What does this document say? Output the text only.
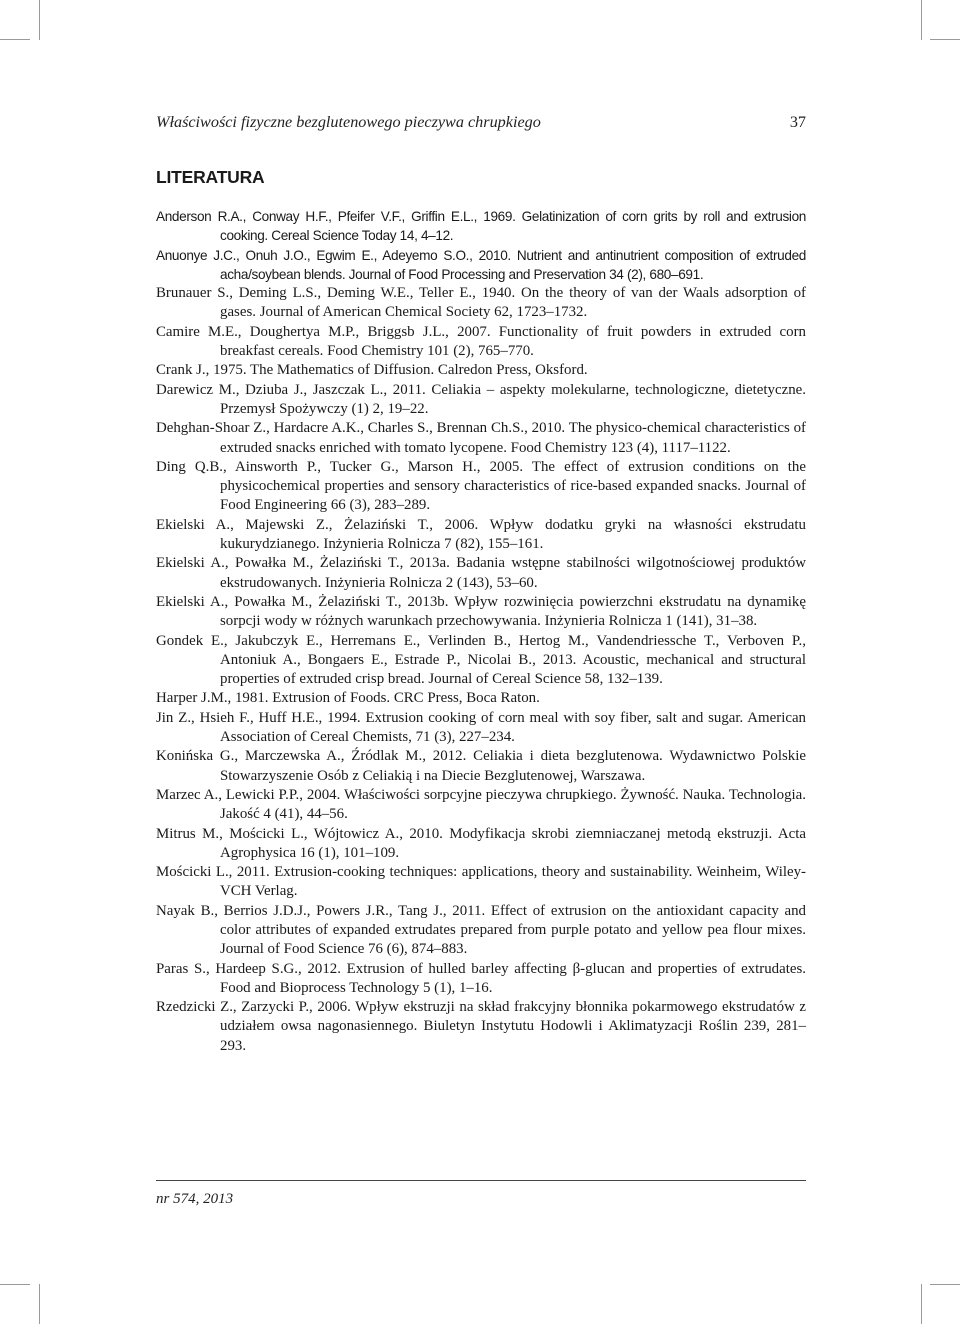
Właściwości fizyczne bezglutenowego pieczywa chrupkiego	37
LITERATURA
Anderson R.A., Conway H.F., Pfeifer V.F., Griffin E.L., 1969. Gelatinization of corn grits by roll and extrusion cooking. Cereal Science Today 14, 4–12.
Anuonye J.C., Onuh J.O., Egwim E., Adeyemo S.O., 2010. Nutrient and antinutrient composition of extruded acha/soybean blends. Journal of Food Processing and Preservation 34 (2), 680–691.
Brunauer S., Deming L.S., Deming W.E., Teller E., 1940. On the theory of van der Waals adsorption of gases. Journal of American Chemical Society 62, 1723–1732.
Camire M.E., Doughertya M.P., Briggsb J.L., 2007. Functionality of fruit powders in extruded corn breakfast cereals. Food Chemistry 101 (2), 765–770.
Crank J., 1975. The Mathematics of Diffusion. Calredon Press, Oksford.
Darewicz M., Dziuba J., Jaszczak L., 2011. Celiakia – aspekty molekularne, technologiczne, dietetyczne. Przemysł Spożywczy (1) 2, 19–22.
Dehghan-Shoar Z., Hardacre A.K., Charles S., Brennan Ch.S., 2010. The physico-chemical characteristics of extruded snacks enriched with tomato lycopene. Food Chemistry 123 (4), 1117–1122.
Ding Q.B., Ainsworth P., Tucker G., Marson H., 2005. The effect of extrusion conditions on the physicochemical properties and sensory characteristics of rice-based expanded snacks. Journal of Food Engineering 66 (3), 283–289.
Ekielski A., Majewski Z., Żelaziński T., 2006. Wpływ dodatku gryki na własności ekstrudatu kukurydzianego. Inżynieria Rolnicza 7 (82), 155–161.
Ekielski A., Powałka M., Żelaziński T., 2013a. Badania wstępne stabilności wilgotnościowej produktów ekstrudowanych. Inżynieria Rolnicza 2 (143), 53–60.
Ekielski A., Powałka M., Żelaziński T., 2013b. Wpływ rozwinięcia powierzchni ekstrudatu na dynamikę sorpcji wody w różnych warunkach przechowywania. Inżynieria Rolnicza 1 (141), 31–38.
Gondek E., Jakubczyk E., Herremans E., Verlinden B., Hertog M., Vandendriessche T., Verboven P., Antoniuk A., Bongaers E., Estrade P., Nicolai B., 2013. Acoustic, mechanical and structural properties of extruded crisp bread. Journal of Cereal Science 58, 132–139.
Harper J.M., 1981. Extrusion of Foods. CRC Press, Boca Raton.
Jin Z., Hsieh F., Huff H.E., 1994. Extrusion cooking of corn meal with soy fiber, salt and sugar. American Association of Cereal Chemists, 71 (3), 227–234.
Konińska G., Marczewska A., Źródlak M., 2012. Celiakia i dieta bezglutenowa. Wydawnictwo Polskie Stowarzyszenie Osób z Celiakią i na Diecie Bezglutenowej, Warszawa.
Marzec A., Lewicki P.P., 2004. Właściwości sorpcyjne pieczywa chrupkiego. Żywność. Nauka. Technologia. Jakość 4 (41), 44–56.
Mitrus M., Mościcki L., Wójtowicz A., 2010. Modyfikacja skrobi ziemniaczanej metodą ekstruzji. Acta Agrophysica 16 (1), 101–109.
Mościcki L., 2011. Extrusion-cooking techniques: applications, theory and sustainability. Weinheim, Wiley-VCH Verlag.
Nayak B., Berrios J.D.J., Powers J.R., Tang J., 2011. Effect of extrusion on the antioxidant capacity and color attributes of expanded extrudates prepared from purple potato and yellow pea flour mixes. Journal of Food Science 76 (6), 874–883.
Paras S., Hardeep S.G., 2012. Extrusion of hulled barley affecting β-glucan and properties of extrudates. Food and Bioprocess Technology 5 (1), 1–16.
Rzedzicki Z., Zarzycki P., 2006. Wpływ ekstruzji na skład frakcyjny błonnika pokarmowego ekstrudatów z udziałem owsa nagonasiennego. Biuletyn Instytutu Hodowli i Aklimatyzacji Roślin 239, 281–293.
nr 574, 2013
